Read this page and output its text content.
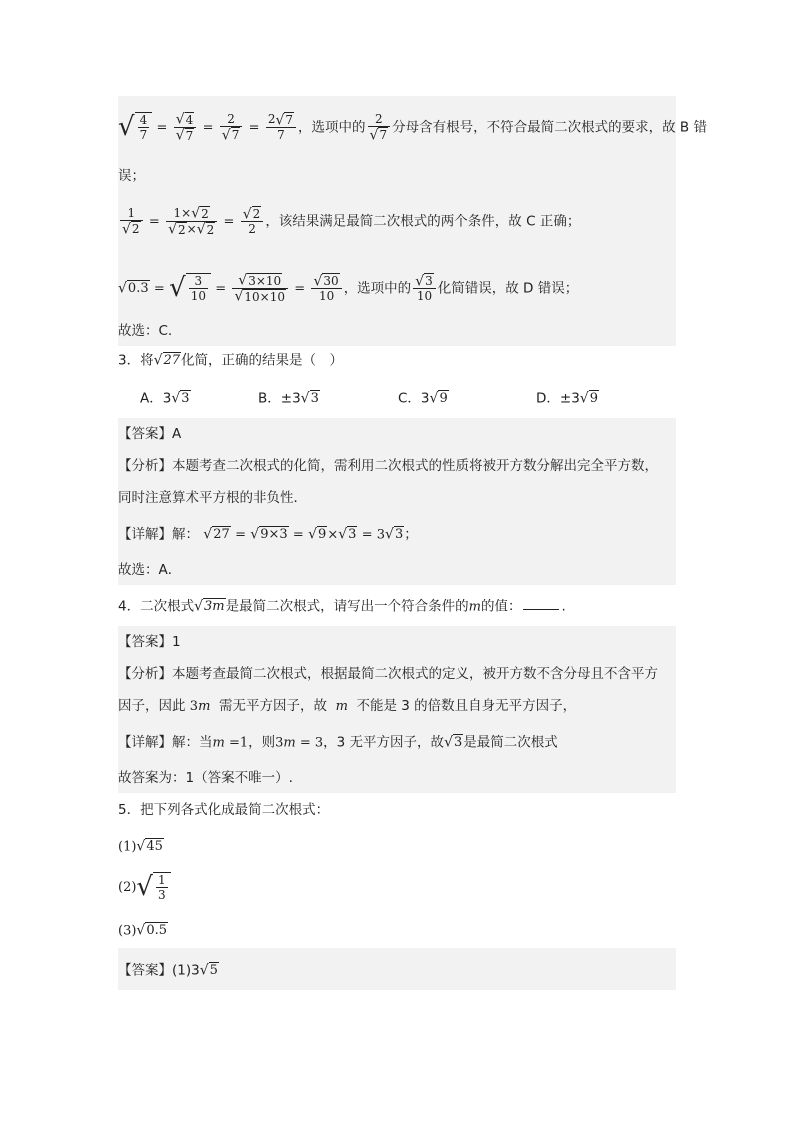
√ $\frac{4}{7} = \frac{√4}{√7} = \frac{2}{√7} = \frac{2√7}{7}$ ，选项中的 $\frac{2}{√7}$ 分母含有根号，不符合最简二次根式的要求，故 B 错
误；
$\frac{1}{√2} = \frac{1\times√2}{√2\times√2} = \frac{√2}{2}$ ，该结果满足最简二次根式的两个条件，故 C 正确；
√0.3 = √ $\frac{3}{10} = \frac{√3\times 10}{√10\times 10} = \frac{√30}{10}$ ，选项中的 $\frac{√3}{10}$ 化简错误，故 D 错误；
故选：C.
3．将√27化简，正确的结果是（　）
A．3√3	B．±3√3	C．3√9	D．±3√9
【答案】A
【分析】本题考查二次根式的化简，需利用二次根式的性质将被开方数分解出完全平方数，
同时注意算术平方根的非负性．
【详解】解： √27 = √9×3 = √9×√3 = 3√3；
故选：A．
4．二次根式√3m是最简二次根式，请写出一个符合条件的m的值：	.
【答案】1
【分析】本题考查最简二次根式，根据最简二次根式的定义，被开方数不含分母且不含平方
因子，因此 3m 需无平方因子，故 m 不能是 3 的倍数且自身无平方因子，
【详解】解：当m =1，则3m = 3，3 无平方因子，故√3是最简二次根式
故答案为：1（答案不唯一）.
5．把下列各式化成最简二次根式：
(1)√45
$(2)√ \frac{1}{3}$
(3)√0.5
【答案】(1)3√5
